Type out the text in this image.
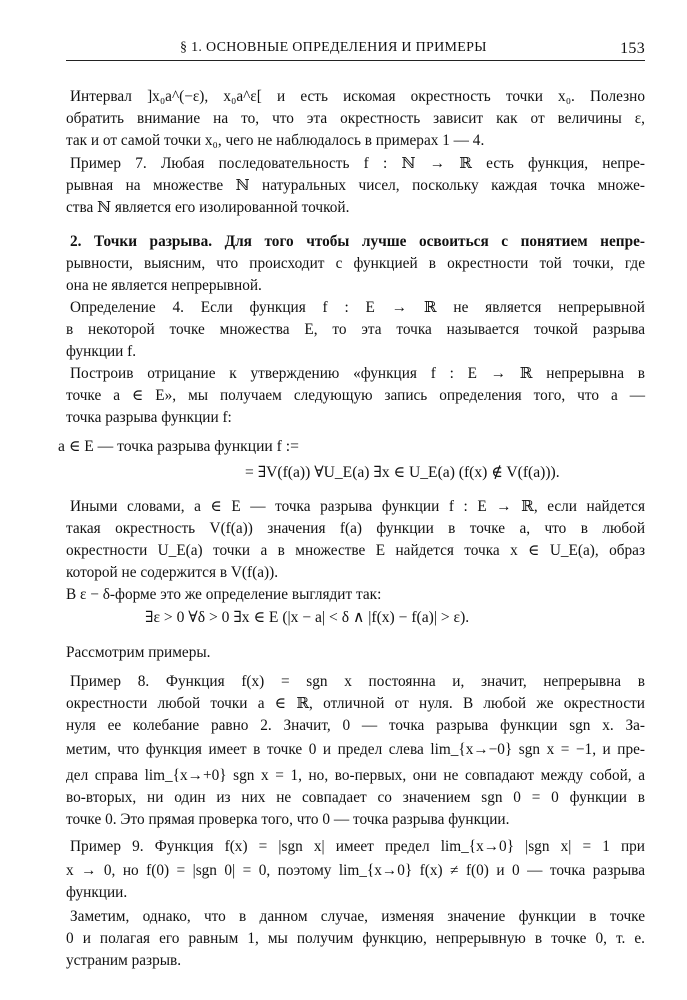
§ 1. ОСНОВНЫЕ ОПРЕДЕЛЕНИЯ И ПРИМЕРЫ	153
Интервал ]x₀a^(−ε), x₀a^ε[ и есть искомая окрестность точки x₀. Полезно
обратить внимание на то, что эта окрестность зависит как от величины ε,
так и от самой точки x₀, чего не наблюдалось в примерах 1 — 4.
Пример 7. Любая последовательность f : ℕ → ℝ есть функция, непре-
рывная на множестве ℕ натуральных чисел, поскольку каждая точка множе-
ства ℕ является его изолированной точкой.
2. Точки разрыва. Для того чтобы лучше освоиться с понятием непре-
рывности, выясним, что происходит с функцией в окрестности той точки, где
она не является непрерывной.
Определение 4. Если функция f : E → ℝ не является непрерывной
в некоторой точке множества E, то эта точка называется точкой разрыва
функции f.
Построив отрицание к утверждению «функция f : E → ℝ непрерывна в
точке a ∈ E», мы получаем следующую запись определения того, что a —
точка разрыва функции f:
a ∈ E — точка разрыва функции f :=
= ∃V(f(a)) ∀U_E(a) ∃x ∈ U_E(a) (f(x) ∉ V(f(a))).
Иными словами, a ∈ E — точка разрыва функции f : E → ℝ, если найдется
такая окрестность V(f(a)) значения f(a) функции в точке a, что в любой
окрестности U_E(a) точки a в множестве E найдется точка x ∈ U_E(a), образ
которой не содержится в V(f(a)).
В ε − δ-форме это же определение выглядит так:
∃ε > 0 ∀δ > 0 ∃x ∈ E (|x − a| < δ ∧ |f(x) − f(a)| > ε).
Рассмотрим примеры.
Пример 8. Функция f(x) = sgn x постоянна и, значит, непрерывна в
окрестности любой точки a ∈ ℝ, отличной от нуля. В любой же окрестности
нуля ее колебание равно 2. Значит, 0 — точка разрыва функции sgn x. За-
метим, что функция имеет в точке 0 и предел слева lim_{x→−0} sgn x = −1, и пре-
дел справа lim_{x→+0} sgn x = 1, но, во-первых, они не совпадают между собой, а
во-вторых, ни один из них не совпадает со значением sgn 0 = 0 функции в
точке 0. Это прямая проверка того, что 0 — точка разрыва функции.
Пример 9. Функция f(x) = |sgn x| имеет предел lim_{x→0} |sgn x| = 1 при
x → 0, но f(0) = |sgn 0| = 0, поэтому lim_{x→0} f(x) ≠ f(0) и 0 — точка разрыва
функции.
Заметим, однако, что в данном случае, изменяя значение функции в точке
0 и полагая его равным 1, мы получим функцию, непрерывную в точке 0, т. е.
устраним разрыв.
